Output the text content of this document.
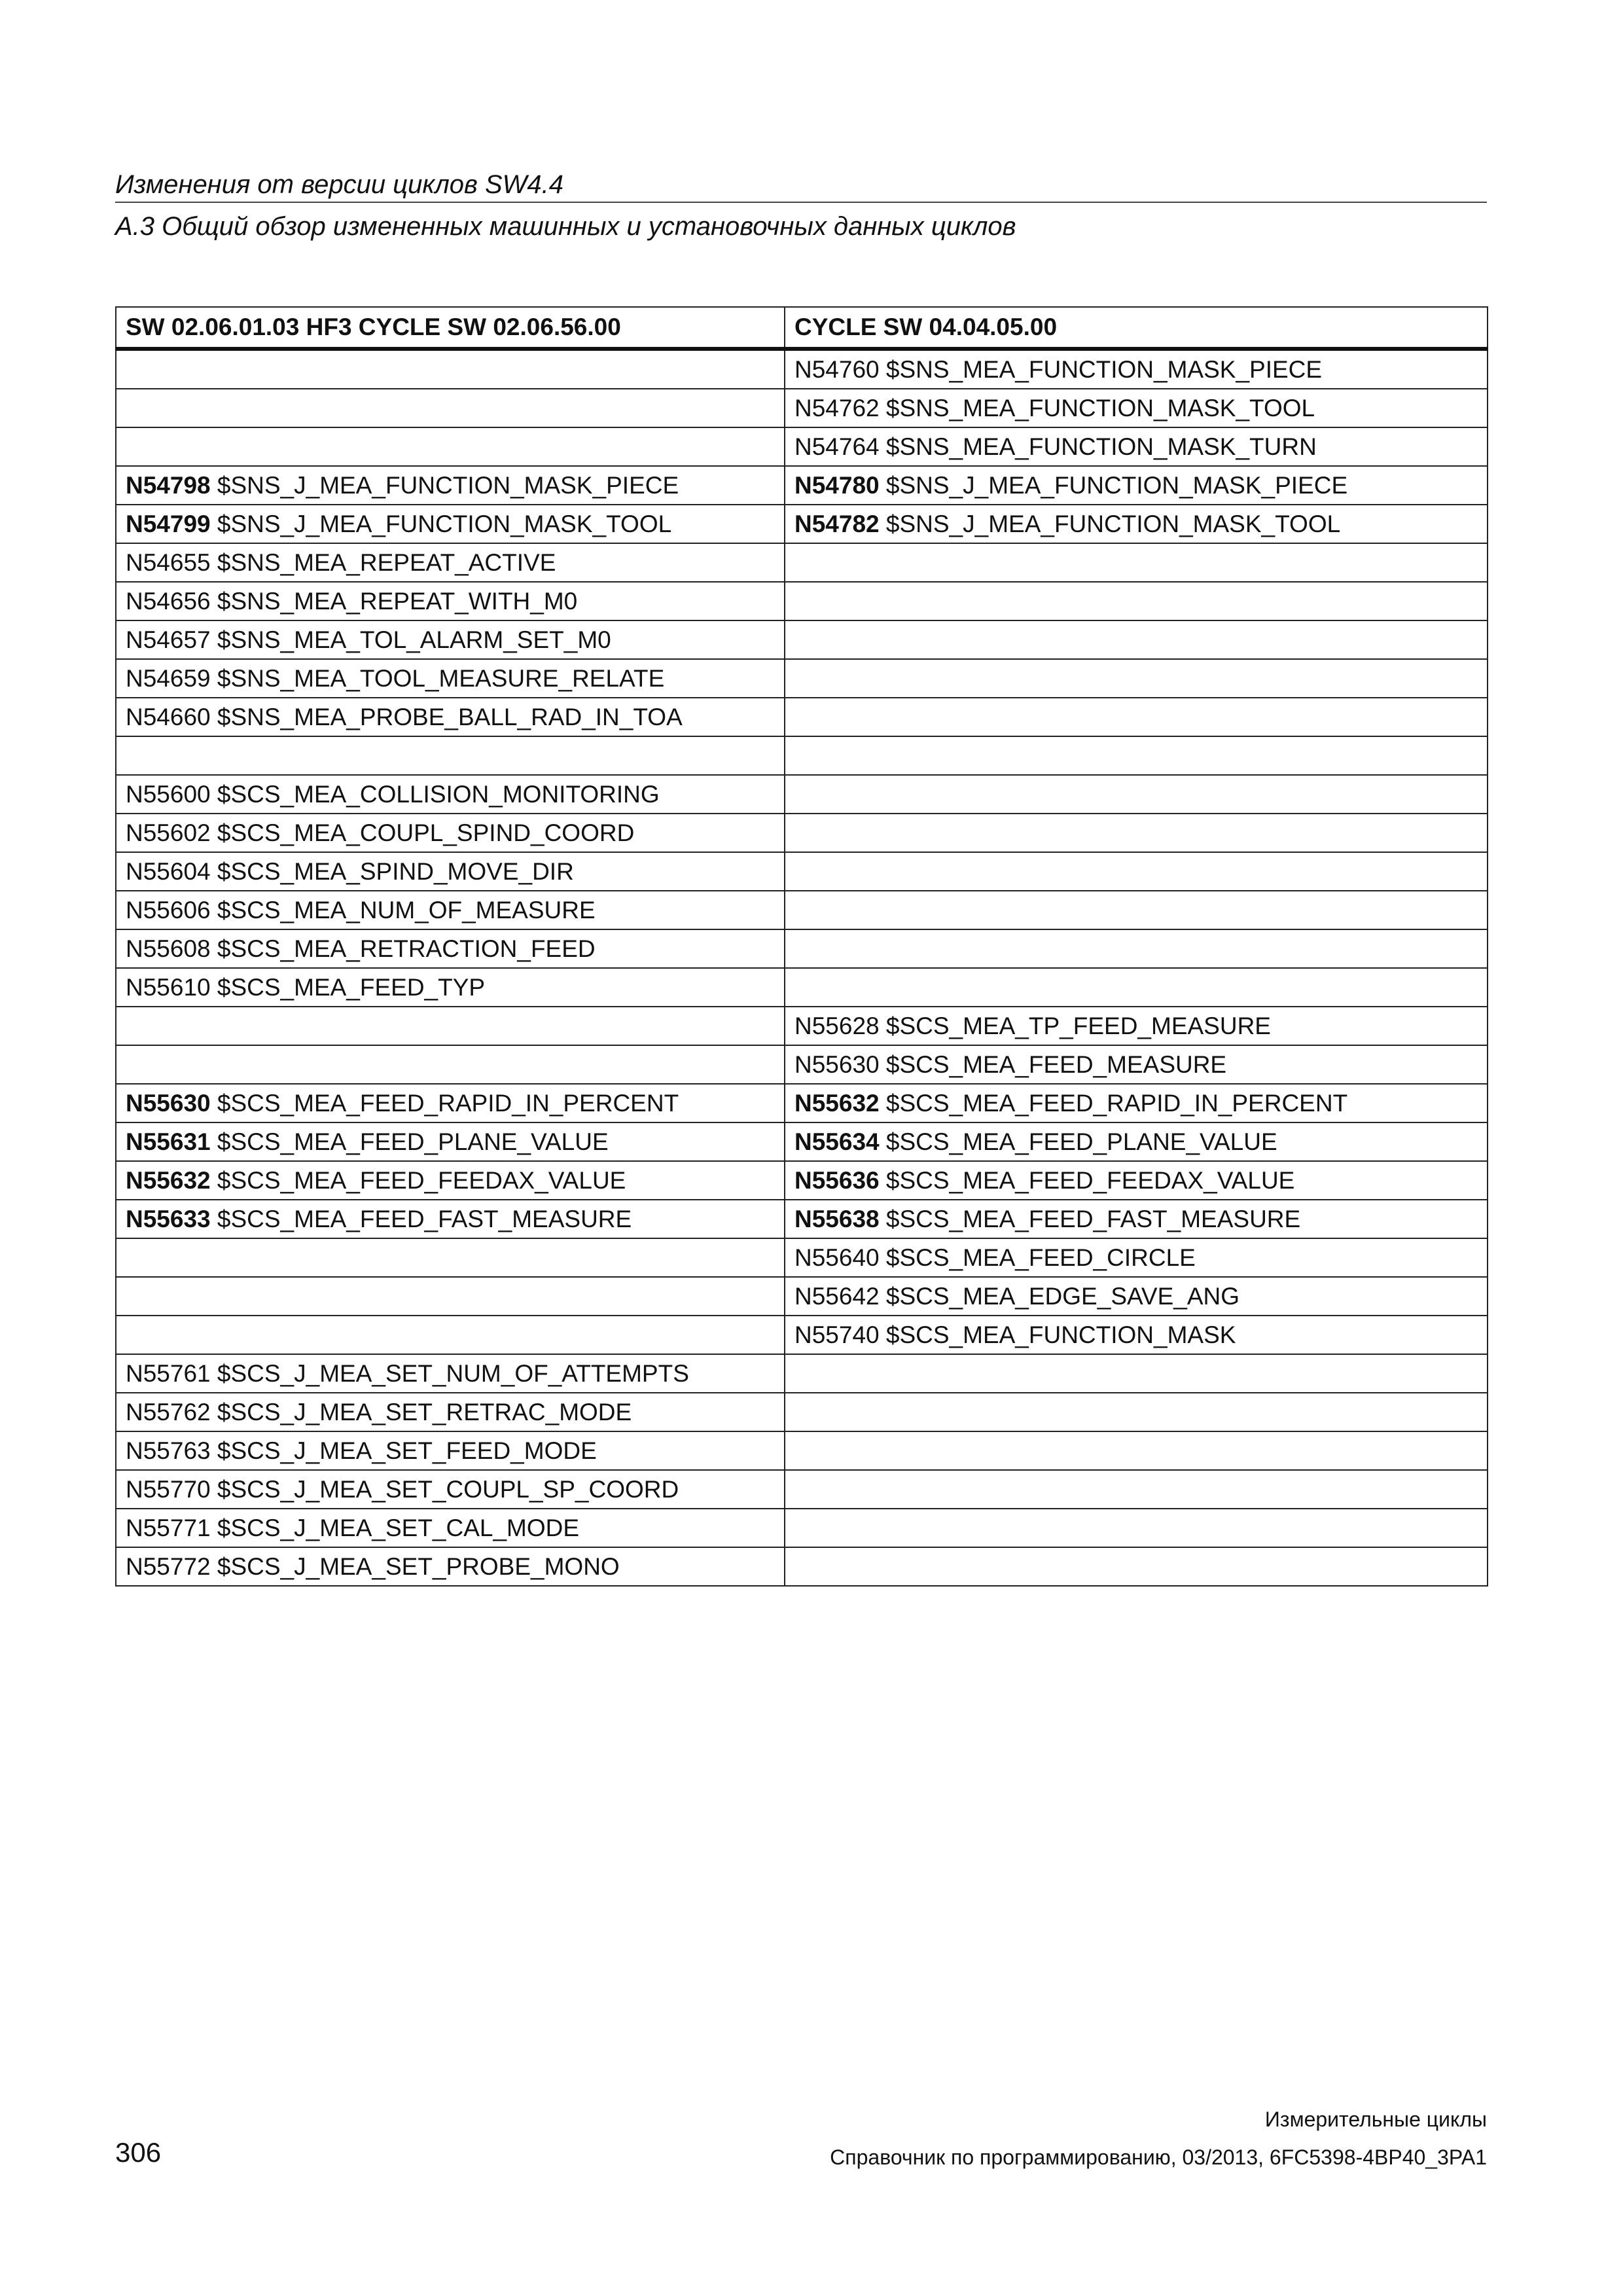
Изменения от версии циклов SW4.4
А.3 Общий обзор измененных машинных и установочных данных циклов
SW 02.06.01.03 HF3 CYCLE SW 02.06.56.00	CYCLE SW 04.04.05.00
	N54760 $SNS_MEA_FUNCTION_MASK_PIECE
	N54762 $SNS_MEA_FUNCTION_MASK_TOOL
	N54764 $SNS_MEA_FUNCTION_MASK_TURN
N54798 $SNS_J_MEA_FUNCTION_MASK_PIECE	N54780 $SNS_J_MEA_FUNCTION_MASK_PIECE
N54799 $SNS_J_MEA_FUNCTION_MASK_TOOL	N54782 $SNS_J_MEA_FUNCTION_MASK_TOOL
N54655 $SNS_MEA_REPEAT_ACTIVE	
N54656 $SNS_MEA_REPEAT_WITH_M0	
N54657 $SNS_MEA_TOL_ALARM_SET_M0	
N54659 $SNS_MEA_TOOL_MEASURE_RELATE	
N54660 $SNS_MEA_PROBE_BALL_RAD_IN_TOA	

N55600 $SCS_MEA_COLLISION_MONITORING	
N55602 $SCS_MEA_COUPL_SPIND_COORD	
N55604 $SCS_MEA_SPIND_MOVE_DIR	
N55606 $SCS_MEA_NUM_OF_MEASURE	
N55608 $SCS_MEA_RETRACTION_FEED	
N55610 $SCS_MEA_FEED_TYP	
	N55628 $SCS_MEA_TP_FEED_MEASURE
	N55630 $SCS_MEA_FEED_MEASURE
N55630 $SCS_MEA_FEED_RAPID_IN_PERCENT	N55632 $SCS_MEA_FEED_RAPID_IN_PERCENT
N55631 $SCS_MEA_FEED_PLANE_VALUE	N55634 $SCS_MEA_FEED_PLANE_VALUE
N55632 $SCS_MEA_FEED_FEEDAX_VALUE	N55636 $SCS_MEA_FEED_FEEDAX_VALUE
N55633 $SCS_MEA_FEED_FAST_MEASURE	N55638 $SCS_MEA_FEED_FAST_MEASURE
	N55640 $SCS_MEA_FEED_CIRCLE
	N55642 $SCS_MEA_EDGE_SAVE_ANG
	N55740 $SCS_MEA_FUNCTION_MASK
N55761 $SCS_J_MEA_SET_NUM_OF_ATTEMPTS	
N55762 $SCS_J_MEA_SET_RETRAC_MODE	
N55763 $SCS_J_MEA_SET_FEED_MODE	
N55770 $SCS_J_MEA_SET_COUPL_SP_COORD	
N55771 $SCS_J_MEA_SET_CAL_MODE	
N55772 $SCS_J_MEA_SET_PROBE_MONO	
Измерительные циклы
306	Справочник по программированию, 03/2013, 6FC5398-4BP40_3PA1
